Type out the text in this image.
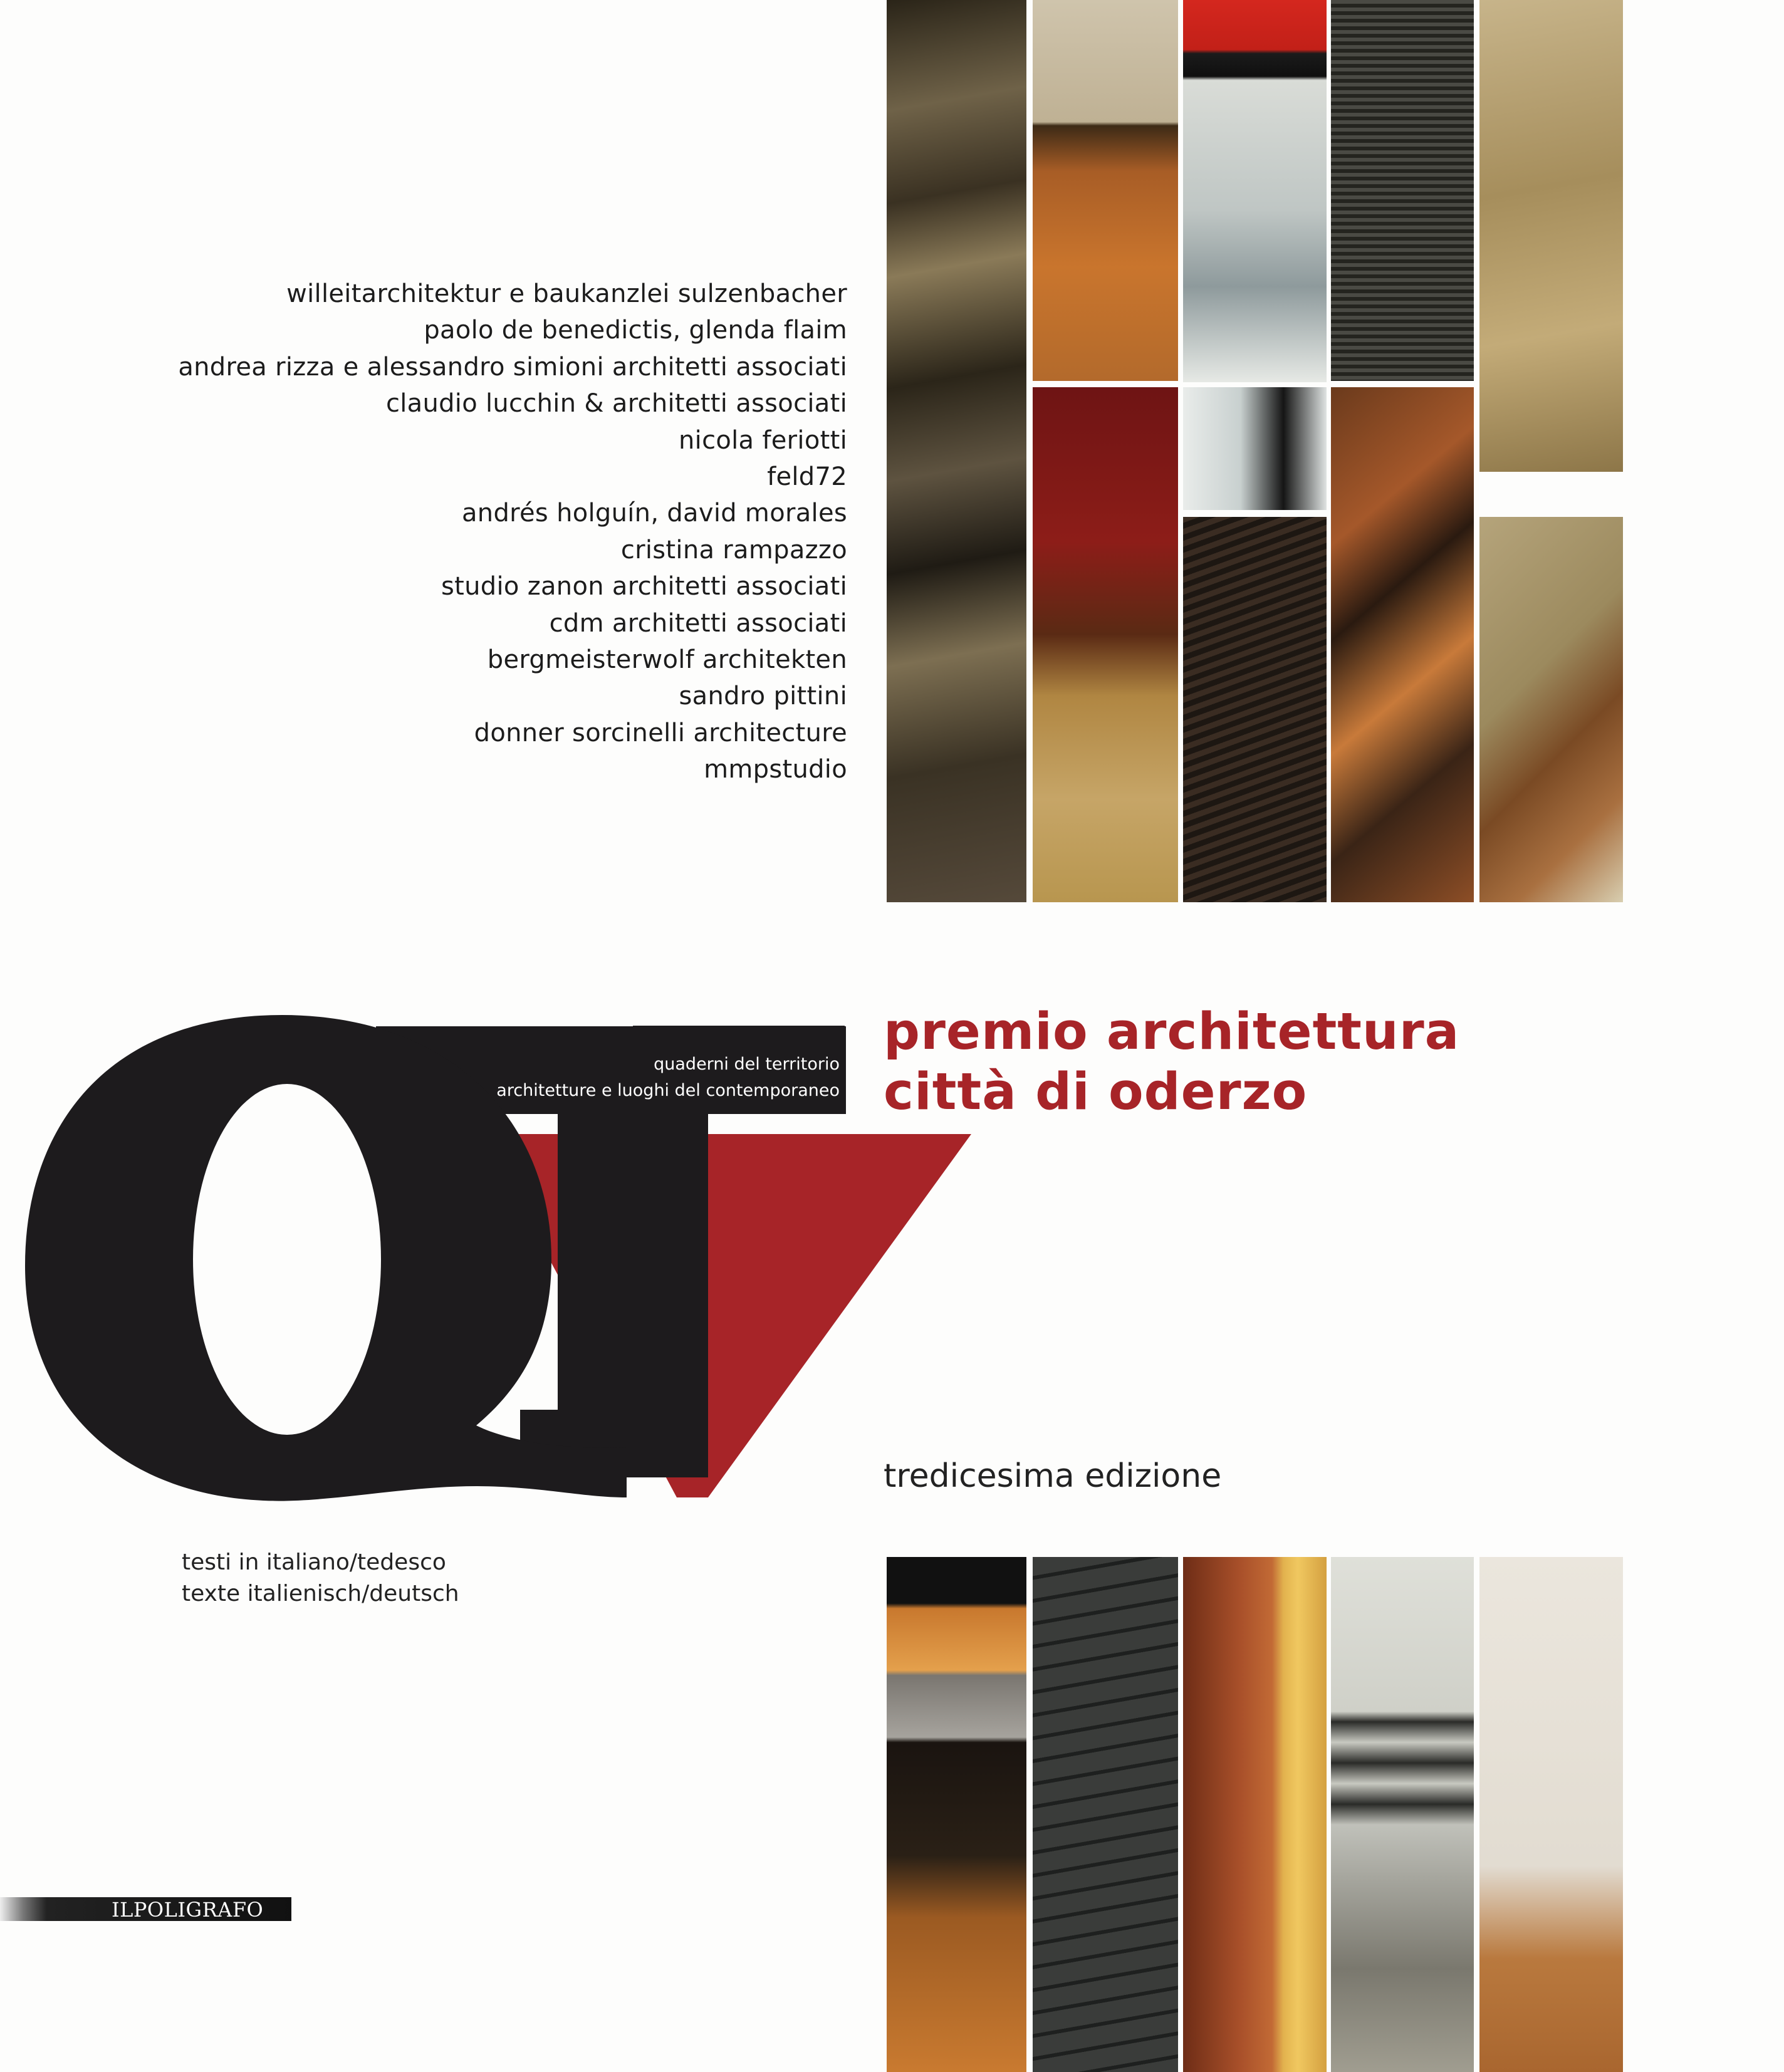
willeitarchitektur e baukanzlei sulzenbacher
paolo de benedictis, glenda flaim
andrea rizza e alessandro simioni architetti associati
claudio lucchin & architetti associati
nicola feriotti
feld72
andrés holguín, david morales
cristina rampazzo
studio zanon architetti associati
cdm architetti associati
bergmeisterwolf architekten
sandro pittini
donner sorcinelli architecture
mmpstudio
quaderni del territorio
architetture e luoghi del contemporaneo
premio architettura
città di oderzo
tredicesima edizione
testi in italiano/tedesco
texte italienisch/deutsch
ILPOLIGRAFO
